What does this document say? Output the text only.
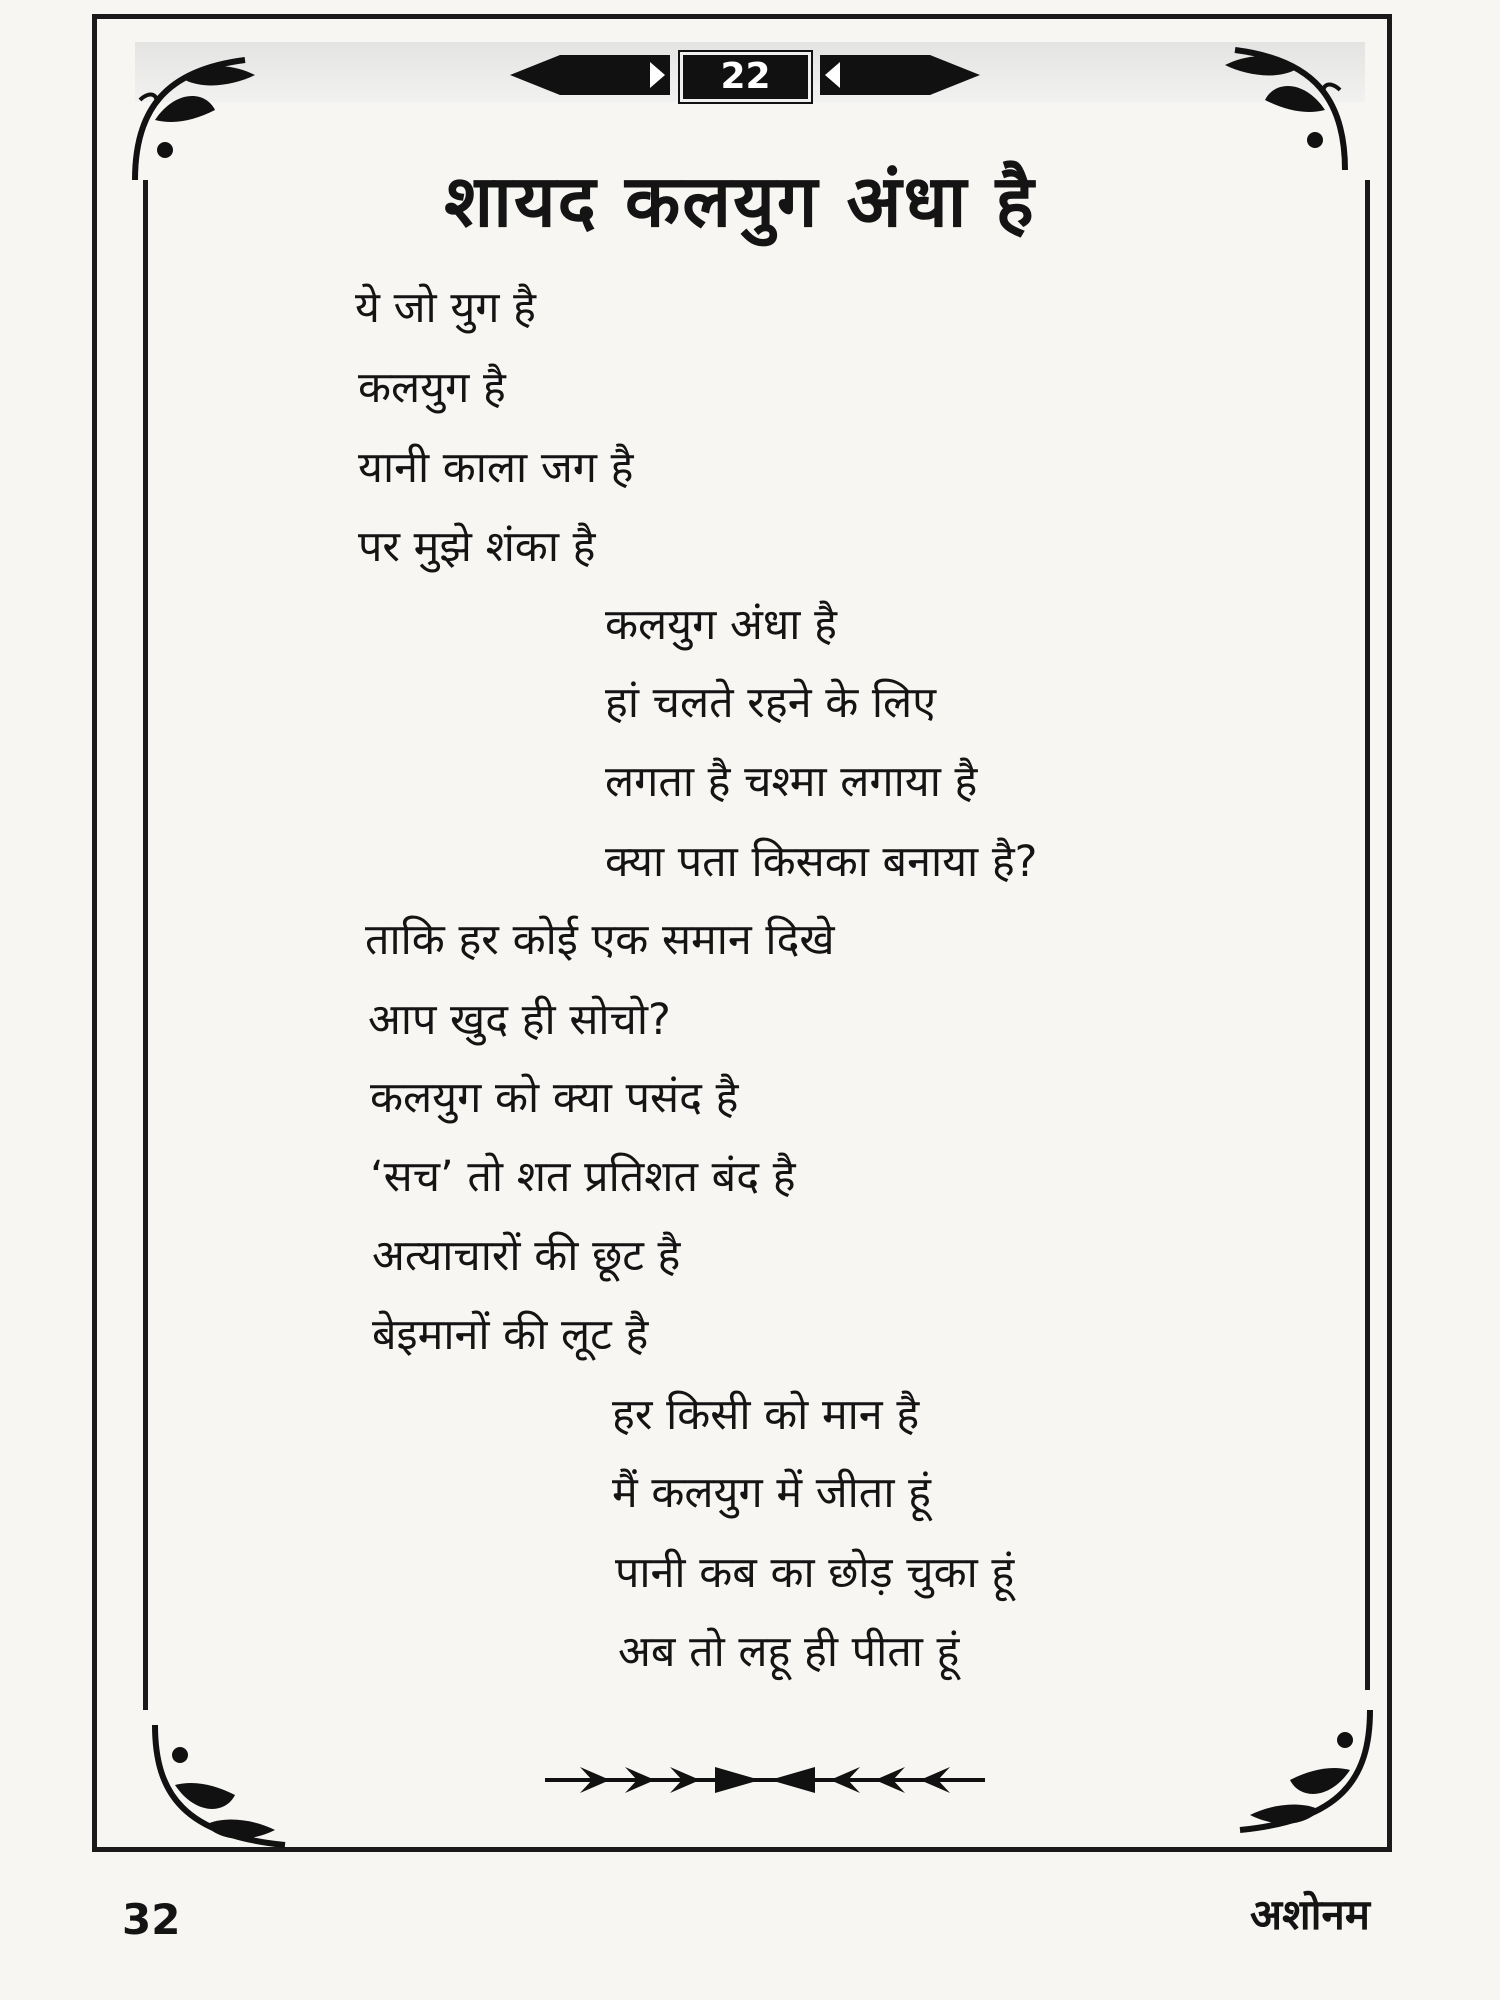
22
शायद कलयुग अंधा है
ये जो युग है
कलयुग है
यानी काला जग है
पर मुझे शंका है
कलयुग अंधा है
हां चलते रहने के लिए
लगता है चश्मा लगाया है
क्या पता किसका बनाया है?
ताकि हर कोई एक समान दिखे
आप खुद ही सोचो?
कलयुग को क्या पसंद है
‘सच’ तो शत प्रतिशत बंद है
अत्याचारों की छूट है
बेइमानों की लूट है
हर किसी को मान है
मैं कलयुग में जीता हूं
पानी कब का छोड़ चुका हूं
अब तो लहू ही पीता हूं
32	अशोनम
